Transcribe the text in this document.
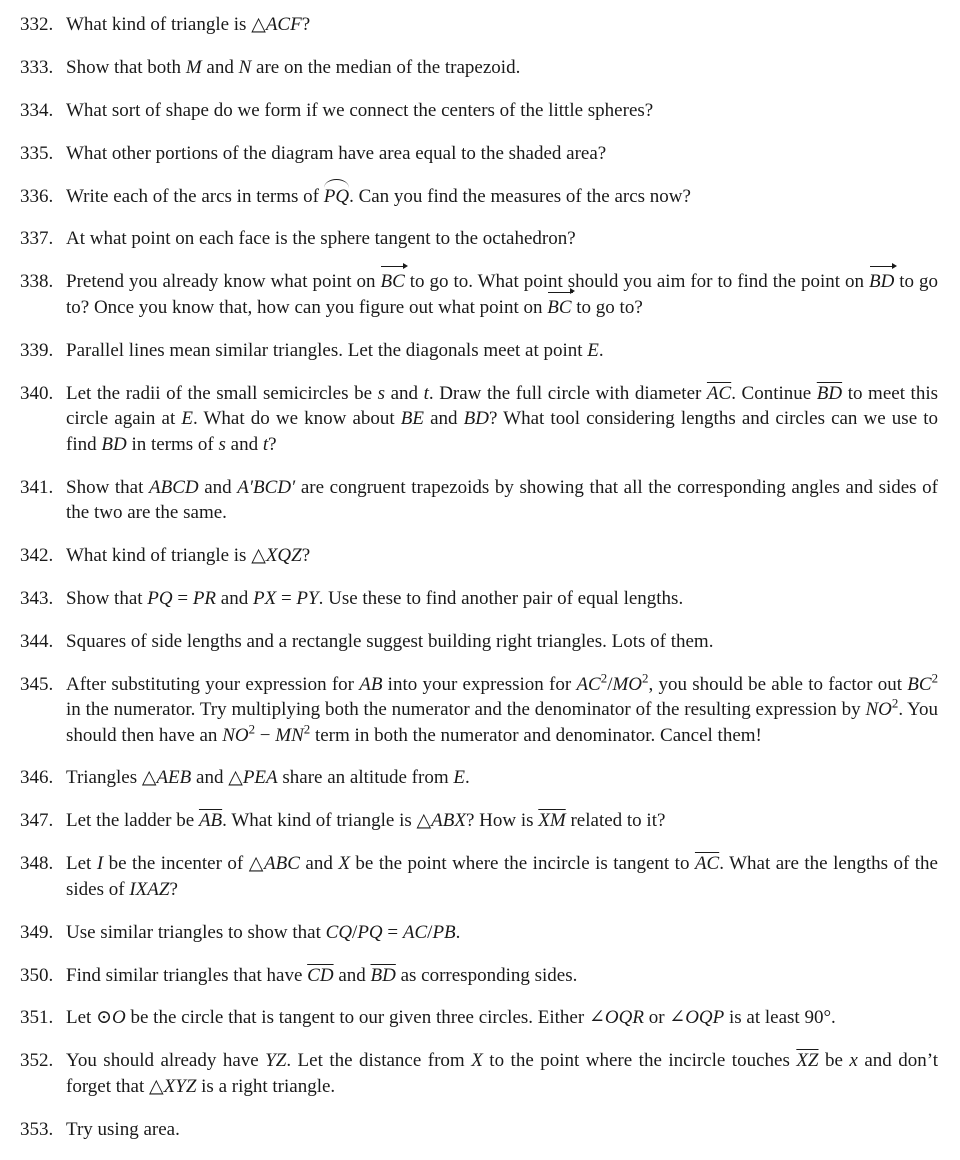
332. What kind of triangle is △ACF?
333. Show that both M and N are on the median of the trapezoid.
334. What sort of shape do we form if we connect the centers of the little spheres?
335. What other portions of the diagram have area equal to the shaded area?
336. Write each of the arcs in terms of PQ. Can you find the measures of the arcs now?
337. At what point on each face is the sphere tangent to the octahedron?
338. Pretend you already know what point on BC to go to. What point should you aim for to find the point on BD to go to? Once you know that, how can you figure out what point on BC to go to?
339. Parallel lines mean similar triangles. Let the diagonals meet at point E.
340. Let the radii of the small semicircles be s and t. Draw the full circle with diameter $\overline{AC}$. Continue $\overline{BD}$ to meet this circle again at E. What do we know about BE and BD? What tool considering lengths and circles can we use to find BD in terms of s and t?
341. Show that ABCD and A′BCD′ are congruent trapezoids by showing that all the corresponding angles and sides of the two are the same.
342. What kind of triangle is △XQZ?
343. Show that PQ = PR and PX = PY. Use these to find another pair of equal lengths.
344. Squares of side lengths and a rectangle suggest building right triangles. Lots of them.
345. After substituting your expression for AB into your expression for $AC^2/MO^2$, you should be able to factor out $BC^2$ in the numerator. Try multiplying both the numerator and the denominator of the resulting expression by $NO^2$. You should then have an $NO^2 - MN^2$ term in both the numerator and denominator. Cancel them!
346. Triangles △AEB and △PEA share an altitude from E.
347. Let the ladder be $\overline{AB}$. What kind of triangle is △ABX? How is $\overline{XM}$ related to it?
348. Let I be the incenter of △ABC and X be the point where the incircle is tangent to $\overline{AC}$. What are the lengths of the sides of IXAZ?
349. Use similar triangles to show that CQ/PQ = AC/PB.
350. Find similar triangles that have $\overline{CD}$ and $\overline{BD}$ as corresponding sides.
351. Let ⊙O be the circle that is tangent to our given three circles. Either ∠OQR or ∠OQP is at least 90°.
352. You should already have YZ. Let the distance from X to the point where the incircle touches $\overline{XZ}$ be x and don’t forget that △XYZ is a right triangle.
353. Try using area.
